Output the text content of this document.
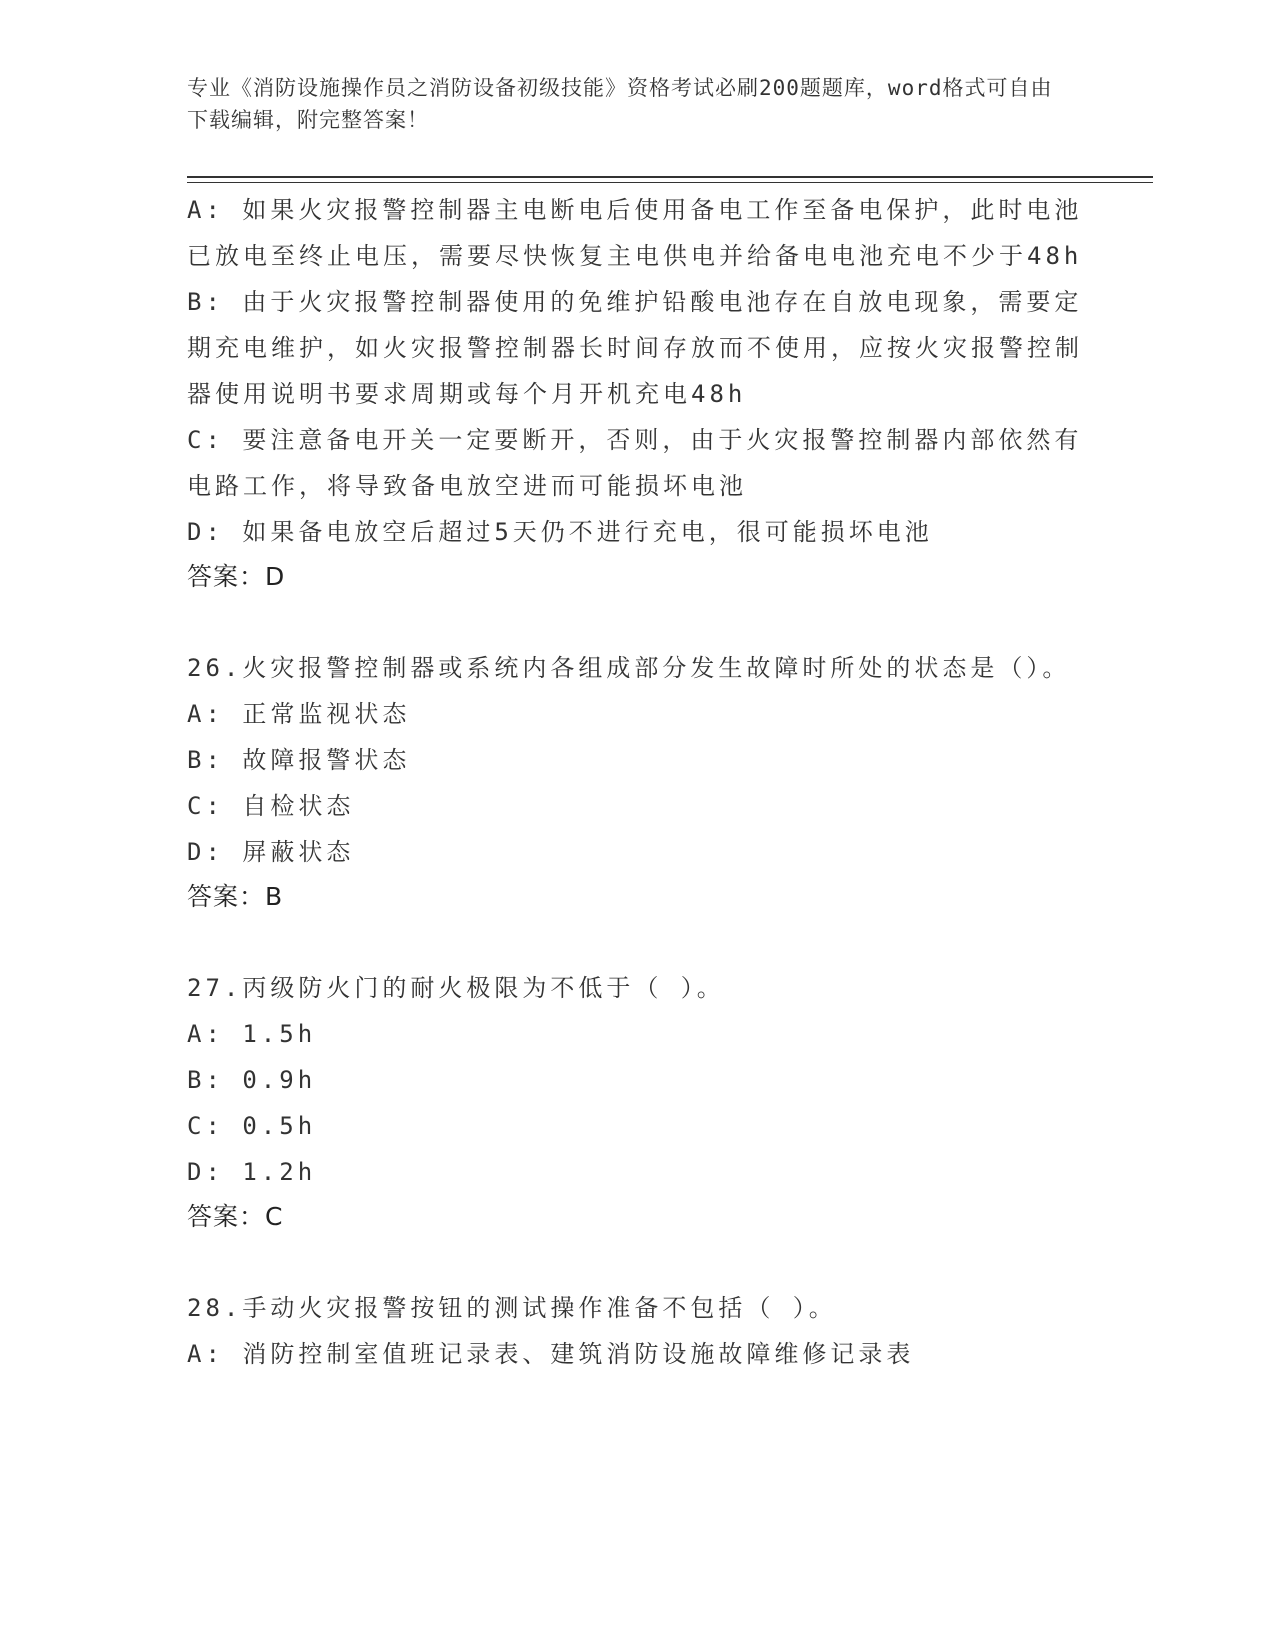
专业《消防设施操作员之消防设备初级技能》资格考试必刷200题题库，word格式可自由下载编辑，附完整答案！
A: 如果火灾报警控制器主电断电后使用备电工作至备电保护，此时电池已放电至终止电压，需要尽快恢复主电供电并给备电电池充电不少于48h
B: 由于火灾报警控制器使用的免维护铅酸电池存在自放电现象，需要定期充电维护，如火灾报警控制器长时间存放而不使用，应按火灾报警控制器使用说明书要求周期或每个月开机充电48h
C: 要注意备电开关一定要断开，否则，由于火灾报警控制器内部依然有电路工作，将导致备电放空进而可能损坏电池
D: 如果备电放空后超过5天仍不进行充电，很可能损坏电池
答案：D
26.火灾报警控制器或系统内各组成部分发生故障时所处的状态是（）。
A: 正常监视状态
B: 故障报警状态
C: 自检状态
D: 屏蔽状态
答案：B
27.丙级防火门的耐火极限为不低于（ ）。
A: 1.5h
B: 0.9h
C: 0.5h
D: 1.2h
答案：C
28.手动火灾报警按钮的测试操作准备不包括（ ）。
A: 消防控制室值班记录表、建筑消防设施故障维修记录表
